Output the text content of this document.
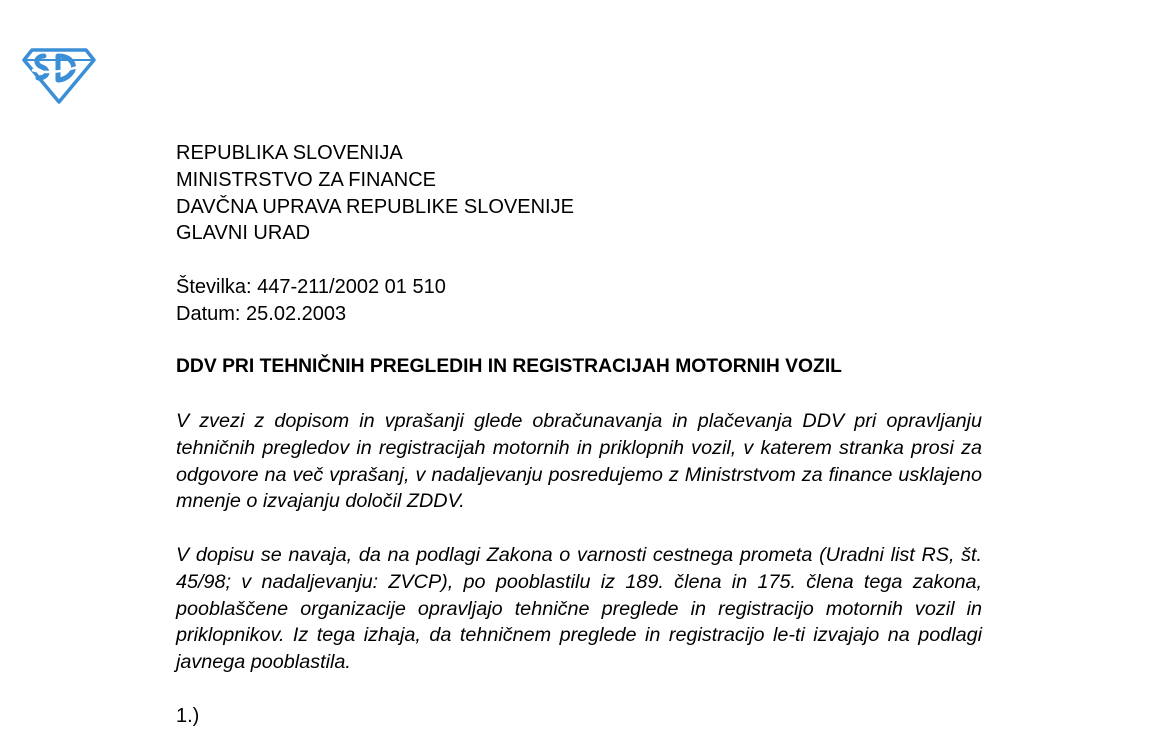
REPUBLIKA SLOVENIJA
MINISTRSTVO ZA FINANCE
DAVČNA UPRAVA REPUBLIKE SLOVENIJE
GLAVNI URAD
Številka: 447-211/2002 01 510
Datum: 25.02.2003
DDV PRI TEHNIČNIH PREGLEDIH IN REGISTRACIJAH MOTORNIH VOZIL

V zvezi z dopisom in vprašanji glede obračunavanja in plačevanja DDV pri opravljanju tehničnih pregledov in registracijah motornih in priklopnih vozil, v katerem stranka prosi za odgovore na več vprašanj, v nadaljevanju posredujemo z Ministrstvom za finance usklajeno mnenje o izvajanju določil ZDDV.

V dopisu se navaja, da na podlagi Zakona o varnosti cestnega prometa (Uradni list RS, št. 45/98; v nadaljevanju: ZVCP), po pooblastilu iz 189. člena in 175. člena tega zakona, pooblaščene organizacije opravljajo tehnične preglede in registracijo motornih vozil in priklopnikov. Iz tega izhaja, da tehničnem preglede in registracijo le-ti izvajajo na podlagi javnega pooblastila.

1.)
